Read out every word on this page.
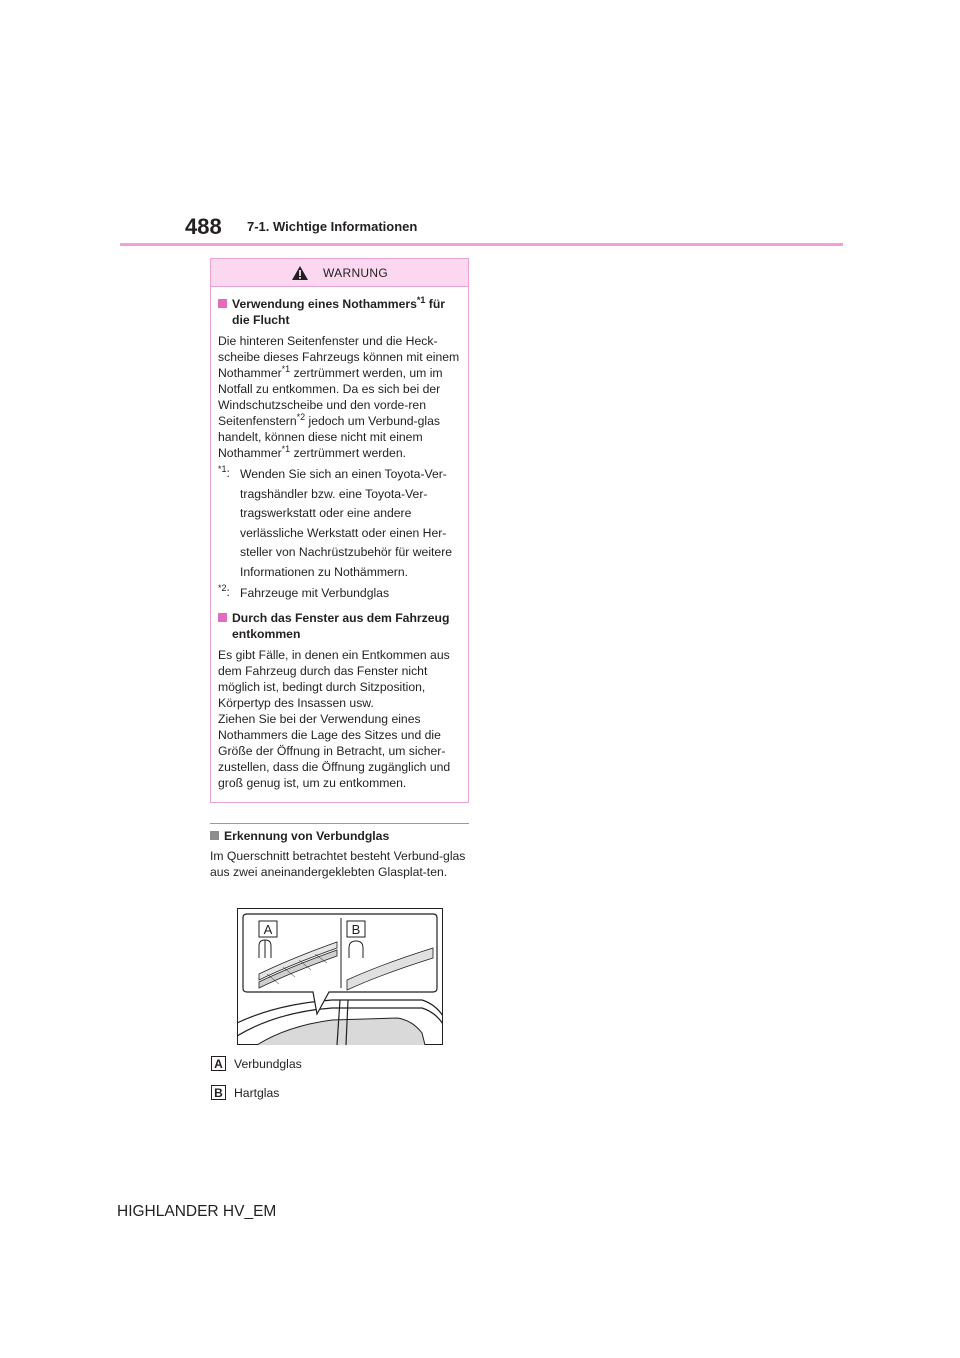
488 7-1. Wichtige Informationen
WARNUNG
Verwendung eines Nothammers$^{*1}$ für
die Flucht

Die hinteren Seitenfenster und die Heck-scheibe dieses Fahrzeugs können mit einem Nothammer$^{*1}$ zertrümmert werden, um im Notfall zu entkommen. Da es sich bei der Windschutzscheibe und den vorde-ren Seitenfenstern$^{*2}$ jedoch um Verbund-glas handelt, können diese nicht mit einem Nothammer$^{*1}$ zertrümmert werden.

$^{*1}$: Wenden Sie sich an einen Toyota-Ver-tragshändler bzw. eine Toyota-Ver-tragswerkstatt oder eine andere verlässliche Werkstatt oder einen Her-steller von Nachrüstzubehör für weitere Informationen zu Nothämmern.
$^{*2}$: Fahrzeuge mit Verbundglas
Durch das Fenster aus dem Fahrzeug
entkommen

Es gibt Fälle, in denen ein Entkommen aus dem Fahrzeug durch das Fenster nicht möglich ist, bedingt durch Sitzposition, Körpertyp des Insassen usw.

Ziehen Sie bei der Verwendung eines Nothammers die Lage des Sitzes und die Größe der Öffnung in Betracht, um sicher-zustellen, dass die Öffnung zugänglich und groß genug ist, um zu entkommen.

Erkennung von Verbundglas

Im Querschnitt betrachtet besteht Verbund-glas aus zwei aneinandergeklebten Glasplat-ten.

A	B
A Verbundglas
B Hartglas
HIGHLANDER HV_EM
